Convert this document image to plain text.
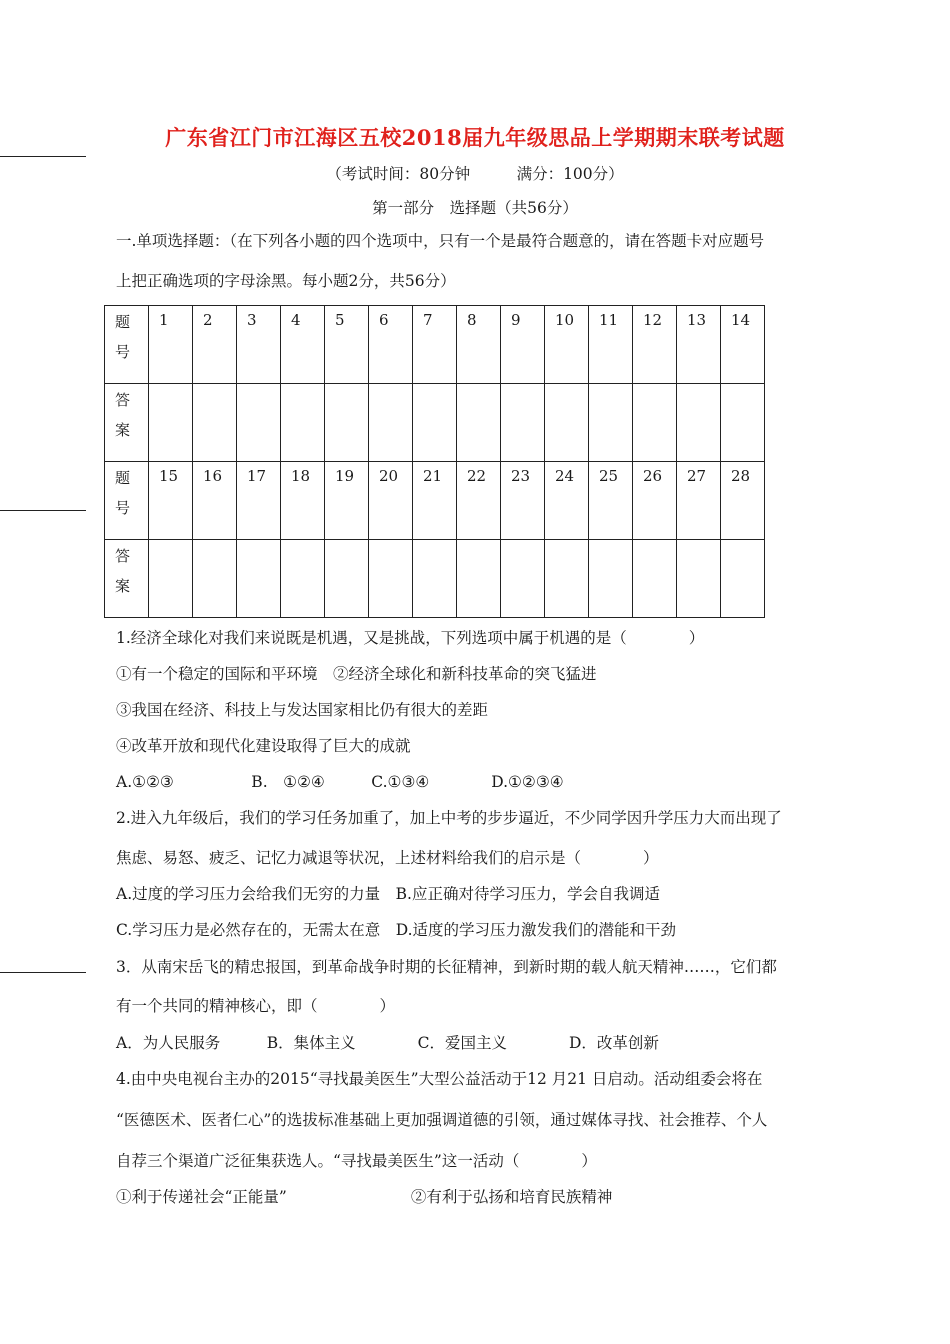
广东省江门市江海区五校2018届九年级思品上学期期末联考试题
（考试时间：80分钟　　　满分：100分）
第一部分　选择题（共56分）
一.单项选择题：（在下列各小题的四个选项中，只有一个是最符合题意的，请在答题卡对应题号
上把正确选项的字母涂黑。每小题2分，共56分）
题
号	1	2	3	4	5	6	7	8	9	10	11	12	13	14

答
案														

题
号	15	16	17	18	19	20	21	22	23	24	25	26	27	28

答
案														

1.经济全球化对我们来说既是机遇，又是挑战，下列选项中属于机遇的是（　　　　）
①有一个稳定的国际和平环境　②经济全球化和新科技革命的突飞猛进
③我国在经济、科技上与发达国家相比仍有很大的差距
④改革开放和现代化建设取得了巨大的成就
A.①②③　　　　　B.　①②④　　　C.①③④　　　　D.①②③④
2.进入九年级后，我们的学习任务加重了，加上中考的步步逼近，不少同学因升学压力大而出现了
焦虑、易怒、疲乏、记忆力减退等状况，上述材料给我们的启示是（　　　　）
A.过度的学习压力会给我们无穷的力量　B.应正确对待学习压力，学会自我调适
C.学习压力是必然存在的，无需太在意　D.适度的学习压力激发我们的潜能和干劲
3．从南宋岳飞的精忠报国，到革命战争时期的长征精神，到新时期的载人航天精神……，它们都
有一个共同的精神核心，即（　　　　）
A．为人民服务　　　B．集体主义　　　　C．爱国主义　　　　D．改革创新
4.由中央电视台主办的2015“寻找最美医生”大型公益活动于12 月21 日启动。活动组委会将在
“医德医术、医者仁心”的选拔标准基础上更加强调道德的引领，通过媒体寻找、社会推荐、个人
自荐三个渠道广泛征集获选人。“寻找最美医生”这一活动（　　　　）
①利于传递社会“正能量”　　　　　　　　②有利于弘扬和培育民族精神
